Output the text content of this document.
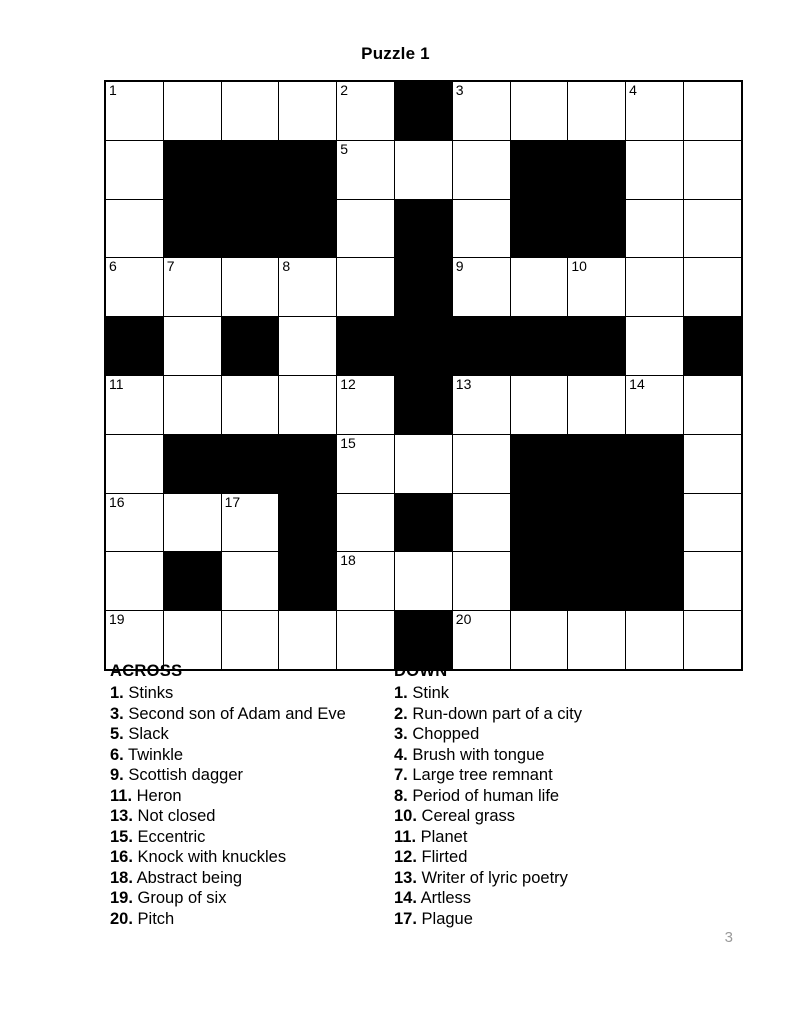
Puzzle 1
1				2		3			4	

				5						

6	7		8			9		10		

11				12		13			14	

				15						

16		17								

				18						

19						20				

ACROSS
1. Stinks
3. Second son of Adam and Eve
5. Slack
6. Twinkle
9. Scottish dagger
11. Heron
13. Not closed
15. Eccentric
16. Knock with knuckles
18. Abstract being
19. Group of six
20. Pitch
DOWN
1. Stink
2. Run-down part of a city
3. Chopped
4. Brush with tongue
7. Large tree remnant
8. Period of human life
10. Cereal grass
11. Planet
12. Flirted
13. Writer of lyric poetry
14. Artless
17. Plague
3
